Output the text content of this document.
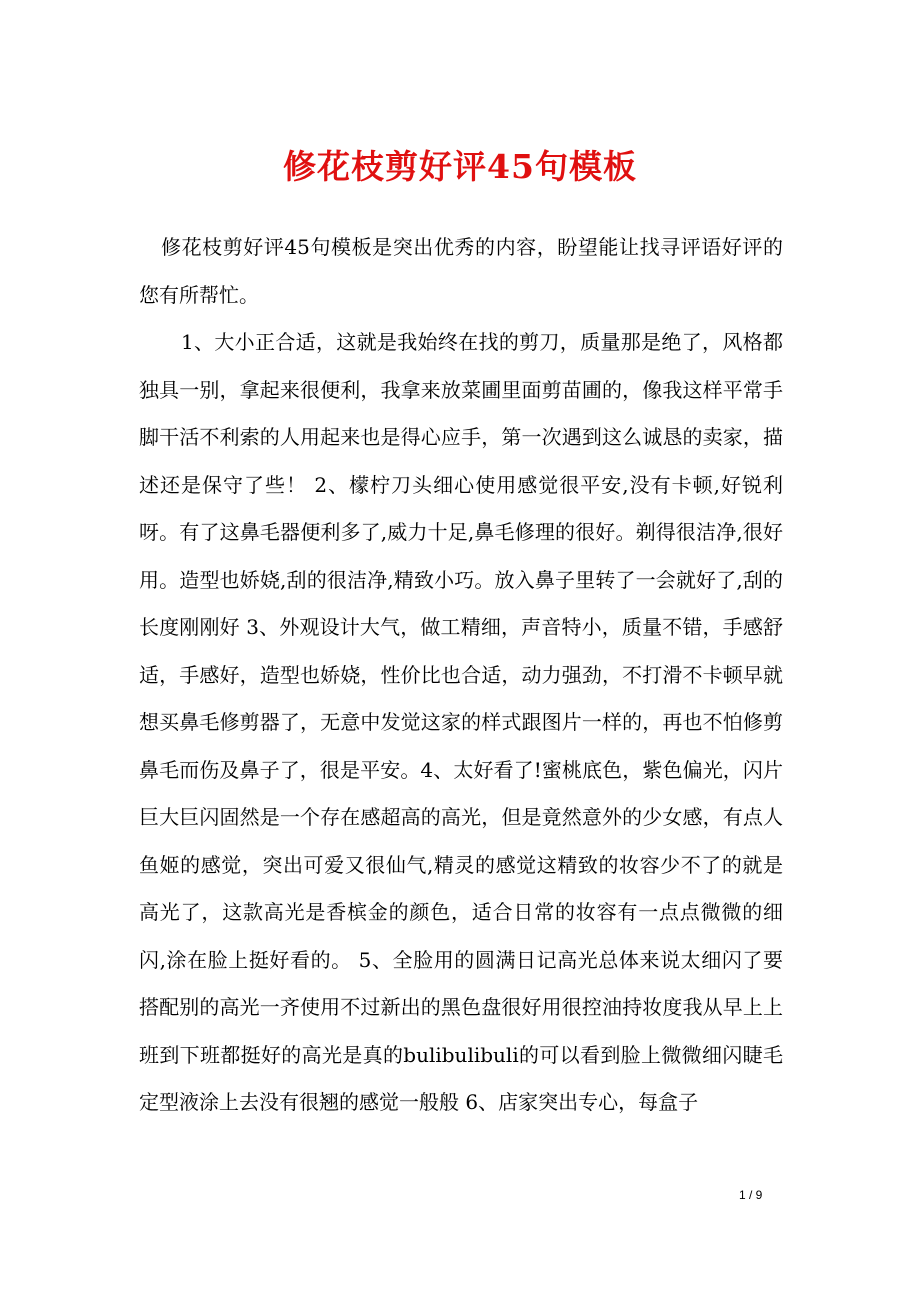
修花枝剪好评45句模板

修花枝剪好评45句模板是突出优秀的内容，盼望能让找寻评语好评的您有所帮忙。

1、大小正合适，这就是我始终在找的剪刀，质量那是绝了，风格都独具一别，拿起来很便利，我拿来放菜圃里面剪苗圃的，像我这样平常手脚干活不利索的人用起来也是得心应手，第一次遇到这么诚恳的卖家，描述还是保守了些！ 2、檬柠刀头细心使用感觉很平安,没有卡顿,好锐利呀。有了这鼻毛器便利多了,威力十足,鼻毛修理的很好。剃得很洁净,很好用。造型也娇娆,刮的很洁净,精致小巧。放入鼻子里转了一会就好了,刮的长度刚刚好 3、外观设计大气，做工精细，声音特小，质量不错，手感舒适，手感好，造型也娇娆，性价比也合适，动力强劲，不打滑不卡顿早就想买鼻毛修剪器了，无意中发觉这家的样式跟图片一样的，再也不怕修剪鼻毛而伤及鼻子了，很是平安。4、太好看了!蜜桃底色，紫色偏光，闪片巨大巨闪固然是一个存在感超高的高光，但是竟然意外的少女感，有点人鱼姬的感觉，突出可爱又很仙气,精灵的感觉这精致的妆容少不了的就是高光了，这款高光是香槟金的颜色，适合日常的妆容有一点点微微的细闪,涂在脸上挺好看的。 5、全脸用的圆满日记高光总体来说太细闪了要搭配别的高光一齐使用不过新出的黑色盘很好用很控油持妆度我从早上上班到下班都挺好的高光是真的bulibulibuli的可以看到脸上微微细闪睫毛定型液涂上去没有很翘的感觉一般般 6、店家突出专心，每盒子

1 / 9
